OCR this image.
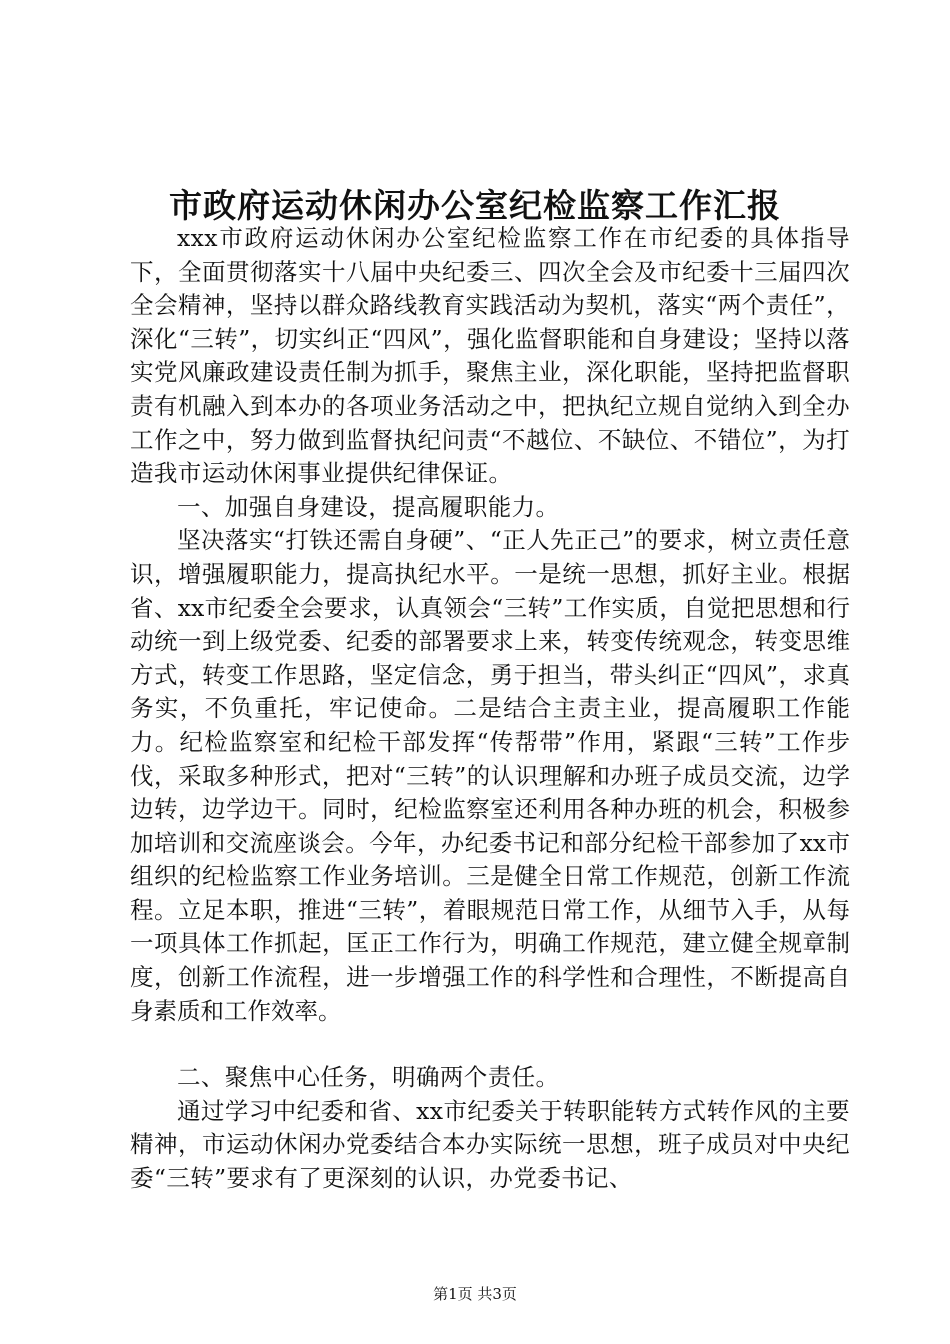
市政府运动休闲办公室纪检监察工作汇报

xxx市政府运动休闲办公室纪检监察工作在市纪委的具体指导下，全面贯彻落实十八届中央纪委三、四次全会及市纪委十三届四次全会精神，坚持以群众路线教育实践活动为契机，落实“两个责任”，深化“三转”，切实纠正“四风”，强化监督职能和自身建设；坚持以落实党风廉政建设责任制为抓手，聚焦主业，深化职能，坚持把监督职责有机融入到本办的各项业务活动之中，把执纪立规自觉纳入到全办工作之中，努力做到监督执纪问责“不越位、不缺位、不错位”，为打造我市运动休闲事业提供纪律保证。

一、加强自身建设，提高履职能力。

坚决落实“打铁还需自身硬”、“正人先正己”的要求，树立责任意识，增强履职能力，提高执纪水平。一是统一思想，抓好主业。根据省、xx市纪委全会要求，认真领会“三转”工作实质，自觉把思想和行动统一到上级党委、纪委的部署要求上来，转变传统观念，转变思维方式，转变工作思路，坚定信念，勇于担当，带头纠正“四风”，求真务实，不负重托，牢记使命。二是结合主责主业，提高履职工作能力。纪检监察室和纪检干部发挥“传帮带”作用，紧跟“三转”工作步伐，采取多种形式，把对“三转”的认识理解和办班子成员交流，边学边转，边学边干。同时，纪检监察室还利用各种办班的机会，积极参加培训和交流座谈会。今年，办纪委书记和部分纪检干部参加了xx市组织的纪检监察工作业务培训。三是健全日常工作规范，创新工作流程。立足本职，推进“三转”，着眼规范日常工作，从细节入手，从每一项具体工作抓起，匡正工作行为，明确工作规范，建立健全规章制度，创新工作流程，进一步增强工作的科学性和合理性，不断提高自身素质和工作效率。

二、聚焦中心任务，明确两个责任。

通过学习中纪委和省、xx市纪委关于转职能转方式转作风的主要精神，市运动休闲办党委结合本办实际统一思想，班子成员对中央纪委“三转”要求有了更深刻的认识，办党委书记、

第1页 共3页
